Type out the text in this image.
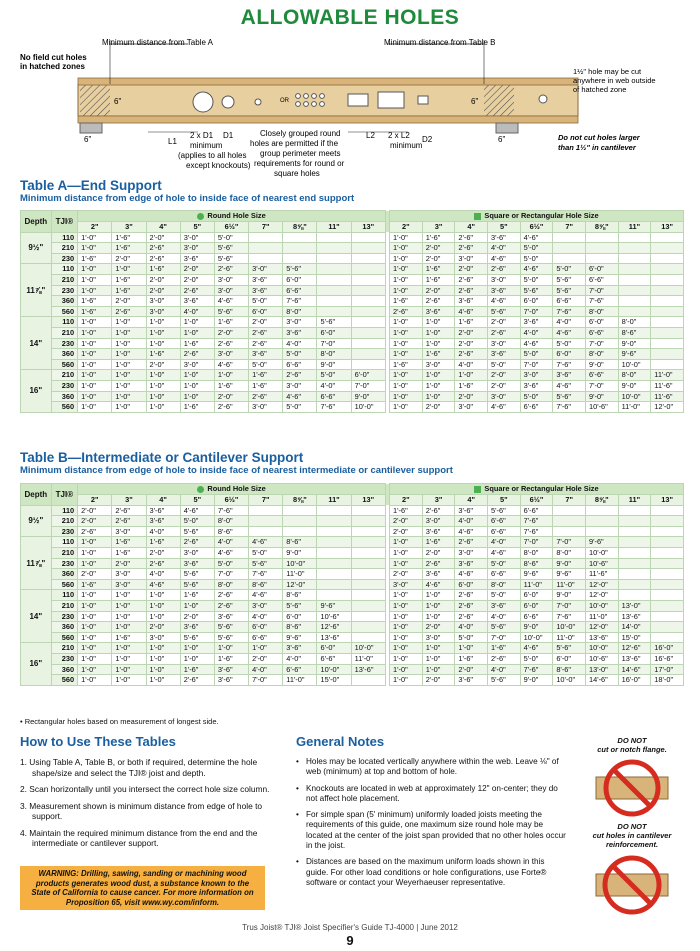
ALLOWABLE HOLES
No field cut holes
in hatched zones
Minimum distance from Table A	Minimum distance from Table B
1½" hole may be cut
anywhere in web outside
of hatched zone
6"	6"
6"	6"
OR
L1
D1
2 x D1
minimum
(applies to all holes
except knockouts)
Closely grouped round
holes are permitted if the
group perimeter meets
requirements for round or
square holes
L2 2 x L2
minimum
D2	Do not cut holes larger
than 1½" in cantilever
Table A—End Support
Minimum distance from edge of hole to inside face of nearest end support
Depth	TJI®	Round Hole Size										Square or Rectangular Hole Size								
		2"	3"	4"	5"	6½"	7"	8⅝"	11"	13"		2"	3"	4"	5"	6½"	7"	8⅝"	11"	13"
9½"	110	1'-0"	1'-6"	2'-0"	3'-0"	5'-0"						1'-0"	1'-6"	2'-6"	3'-6"	4'-6"				
	210	1'-0"	1'-6"	2'-6"	3'-0"	5'-6"						1'-0"	2'-0"	2'-6"	4'-0"	5'-0"				
	230	1'-6"	2'-0"	2'-6"	3'-6"	5'-6"						1'-0"	2'-0"	3'-0"	4'-6"	5'-0"				
11⅞"	110	1'-0"	1'-0"	1'-6"	2'-0"	2'-6"	3'-0"	5'-6"				1'-0"	1'-6"	2'-0"	2'-6"	4'-6"	5'-0"	6'-0"		
	210	1'-0"	1'-6"	2'-0"	2'-0"	3'-0"	3'-6"	6'-0"				1'-0"	1'-6"	2'-6"	3'-0"	5'-0"	5'-6"	6'-6"		
	230	1'-0"	1'-6"	2'-0"	2'-6"	3'-0"	3'-6"	6'-6"				1'-0"	2'-0"	2'-6"	3'-6"	5'-6"	5'-6"	7'-0"		
	360	1'-6"	2'-0"	3'-0"	3'-6"	4'-6"	5'-0"	7'-6"				1'-6"	2'-6"	3'-6"	4'-6"	6'-0"	6'-6"	7'-6"		
	560	1'-6"	2'-6"	3'-0"	4'-0"	5'-6"	6'-0"	8'-0"				2'-6"	3'-6"	4'-6"	5'-6"	7'-0"	7'-6"	8'-0"		
14"	110	1'-0"	1'-0"	1'-0"	1'-0"	1'-6"	2'-0"	3'-0"	5'-6"			1'-0"	1'-0"	1'-6"	2'-0"	3'-6"	4'-0"	6'-0"	8'-0"	
	210	1'-0"	1'-0"	1'-0"	1'-0"	2'-0"	2'-6"	3'-6"	6'-0"			1'-0"	1'-0"	2'-0"	2'-6"	4'-0"	4'-6"	6'-6"	8'-6"	
	230	1'-0"	1'-0"	1'-0"	1'-6"	2'-6"	2'-6"	4'-0"	7'-0"			1'-0"	1'-0"	2'-0"	3'-0"	4'-6"	5'-0"	7'-0"	9'-0"	
	360	1'-0"	1'-0"	1'-6"	2'-6"	3'-0"	3'-6"	5'-0"	8'-0"			1'-0"	1'-6"	2'-6"	3'-6"	5'-0"	6'-0"	8'-0"	9'-6"	
	560	1'-0"	1'-0"	2'-0"	3'-0"	4'-6"	5'-0"	6'-6"	9'-0"			1'-6"	3'-0"	4'-0"	5'-0"	7'-0"	7'-6"	9'-0"	10'-0"	
16"	210	1'-0"	1'-0"	1'-0"	1'-0"	1'-0"	1'-6"	2'-6"	5'-0"	6'-0"		1'-0"	1'-0"	1'-0"	2'-0"	3'-0"	3'-6"	6'-6"	8'-0"	11'-0"
	230	1'-0"	1'-0"	1'-0"	1'-0"	1'-6"	1'-6"	3'-0"	4'-0"	7'-0"		1'-0"	1'-0"	1'-6"	2'-0"	3'-6"	4'-6"	7'-0"	9'-0"	11'-6"
	360	1'-0"	1'-0"	1'-0"	1'-0"	2'-0"	2'-6"	4'-6"	6'-6"	9'-0"		1'-0"	1'-0"	2'-0"	3'-0"	5'-0"	5'-6"	9'-0"	10'-0"	11'-6"
	560	1'-0"	1'-0"	1'-0"	1'-6"	2'-6"	3'-0"	5'-0"	7'-6"	10'-0"		1'-0"	2'-0"	3'-0"	4'-6"	6'-6"	7'-6"	10'-6"	11'-0"	12'-0"
Table B—Intermediate or Cantilever Support
Minimum distance from edge of hole to inside face of nearest intermediate or cantilever support
Depth	TJI®	Round Hole Size										Square or Rectangular Hole Size								
		2"	3"	4"	5"	6½"	7"	8⅝"	11"	13"		2"	3"	4"	5"	6½"	7"	8⅝"	11"	13"
9½"	110	2'-0"	2'-6"	3'-6"	4'-6"	7'-6"						1'-6"	2'-6"	3'-6"	5'-6"	6'-6"				
	210	2'-0"	2'-6"	3'-6"	5'-0"	8'-0"						2'-0"	3'-0"	4'-0"	6'-6"	7'-6"				
	230	2'-6"	3'-0"	4'-0"	5'-6"	8'-6"						2'-0"	3'-6"	4'-6"	6'-6"	7'-6"				
11⅞"	110	1'-0"	1'-6"	1'-6"	2'-6"	4'-0"	4'-6"	8'-6"				1'-0"	1'-6"	2'-6"	4'-0"	7'-0"	7'-0"	9'-6"		
	210	1'-0"	1'-6"	2'-0"	3'-0"	4'-6"	5'-0"	9'-0"				1'-0"	2'-0"	3'-0"	4'-6"	8'-0"	8'-0"	10'-0"		
	230	1'-0"	2'-0"	2'-6"	3'-6"	5'-0"	5'-6"	10'-0"				1'-0"	2'-6"	3'-6"	5'-0"	8'-6"	9'-0"	10'-6"		
	360	2'-0"	3'-0"	4'-0"	5'-6"	7'-0"	7'-6"	11'-0"				2'-0"	3'-6"	4'-6"	6'-6"	9'-6"	9'-6"	11'-6"		
	560	1'-6"	3'-0"	4'-6"	5'-6"	8'-0"	8'-6"	12'-0"				3'-0"	4'-6"	6'-0"	8'-0"	11'-0"	11'-0"	12'-0"		
14"	110	1'-0"	1'-0"	1'-0"	1'-6"	2'-6"	4'-6"	8'-6"				1'-0"	1'-0"	2'-6"	5'-0"	6'-0"	9'-0"	12'-0"		
	210	1'-0"	1'-0"	1'-0"	1'-0"	2'-6"	3'-0"	5'-6"	9'-6"			1'-0"	1'-0"	2'-6"	3'-6"	6'-0"	7'-0"	10'-0"	13'-0"	
	230	1'-0"	1'-0"	1'-0"	2'-0"	3'-6"	4'-0"	6'-0"	10'-6"			1'-0"	1'-0"	2'-6"	4'-0"	6'-6"	7'-6"	11'-0"	13'-6"	
	360	1'-0"	1'-0"	2'-0"	3'-6"	5'-6"	6'-0"	8'-6"	12'-6"			1'-0"	2'-0"	4'-0"	5'-6"	9'-0"	10'-0"	12'-0"	14'-0"	
	560	1'-0"	1'-6"	3'-0"	5'-6"	5'-6"	6'-6"	9'-6"	13'-6"			1'-0"	3'-0"	5'-0"	7'-0"	10'-0"	11'-0"	13'-6"	15'-0"	
16"	210	1'-0"	1'-0"	1'-0"	1'-0"	1'-0"	1'-0"	3'-6"	6'-0"	10'-0"		1'-0"	1'-0"	1'-0"	1'-6"	4'-6"	5'-6"	10'-0"	12'-6"	16'-0"
	230	1'-0"	1'-0"	1'-0"	1'-0"	1'-6"	2'-0"	4'-0"	6'-6"	11'-0"		1'-0"	1'-0"	1'-6"	2'-6"	5'-0"	6'-0"	10'-6"	13'-6"	16'-6"
	360	1'-0"	1'-0"	1'-0"	1'-6"	3'-6"	4'-0"	6'-6"	10'-0"	13'-6"		1'-0"	1'-0"	2'-0"	4'-0"	7'-6"	8'-6"	13'-0"	14'-6"	17'-0"
	560	1'-0"	1'-0"	1'-0"	2'-6"	3'-6"	7'-0"	11'-0"	15'-0"			1'-0"	2'-0"	3'-6"	5'-6"	9'-0"	10'-0"	14'-6"	16'-0"	18'-0"
• Rectangular holes based on measurement of longest side.
How to Use These Tables
1. Using Table A, Table B, or both if required, determine the hole shape/size and select the TJI® joist and depth.
2. Scan horizontally until you intersect the correct hole size column.
3. Measurement shown is minimum distance from edge of hole to support.
4. Maintain the required minimum distance from the end and the intermediate or cantilever support.
WARNING: Drilling, sawing, sanding or machining wood products generates wood dust, a substance known to the State of California to cause cancer. For more information on Proposition 65, visit www.wy.com/inform.
General Notes
• Holes may be located vertically anywhere within the web. Leave ⅛" of web (minimum) at top and bottom of hole.
• Knockouts are located in web at approximately 12" on-center; they do not affect hole placement.
• For simple span (5' minimum) uniformly loaded joists meeting the requirements of this guide, one maximum size round hole may be located at the center of the joist span provided that no other holes occur in the joist.
• Distances are based on the maximum uniform loads shown in this guide. For other load conditions or hole configurations, use Forte® software or contact your Weyerhaeuser representative.
DO NOT
cut or notch flange.
DO NOT
cut holes in cantilever
reinforcement.
Trus Joist® TJI® Joist Specifier's Guide TJ-4000 | June 2012
9
